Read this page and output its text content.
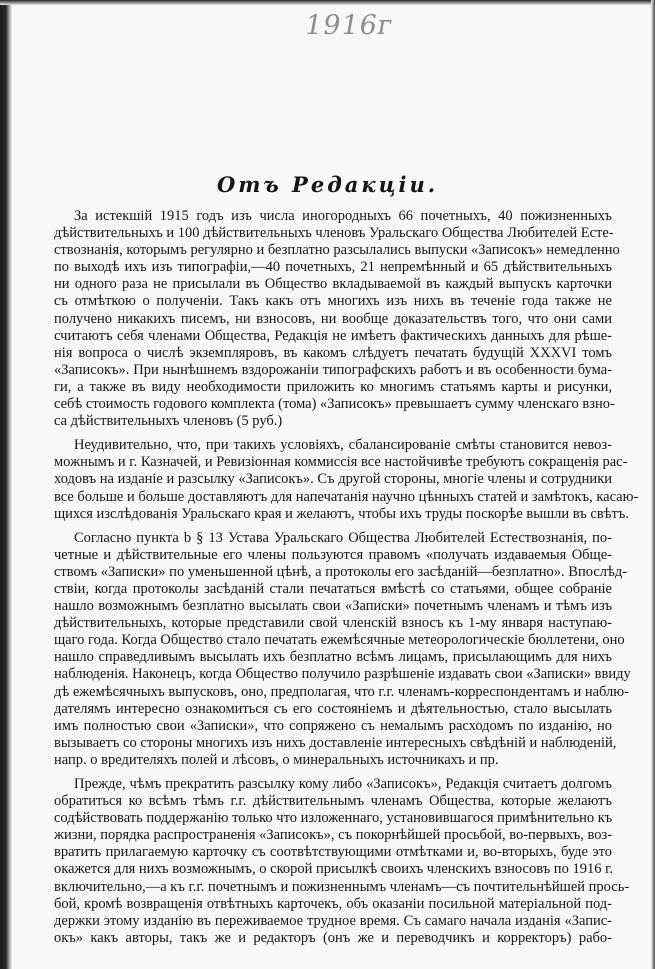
1916г
Отъ Редакціи.
За истекшій 1915 годъ изъ числа иногородныхъ 66 почетныхъ, 40 пожизненныхъ
дѣйствительныхъ и 100 дѣйствительныхъ членовъ Уральскаго Общества Любителей Есте-
ствознанія, которымъ регулярно и безплатно разсылались выпуски «Записокъ» немедленно
по выходѣ ихъ изъ типографіи,—40 почетныхъ, 21 непремѣнный и 65 дѣйствительныхъ
ни одного раза не присылали въ Общество вкладываемой въ каждый выпускъ карточки
съ отмѣткою о полученіи. Такъ какъ отъ многихъ изъ нихъ въ теченіе года также не
получено никакихъ писемъ, ни взносовъ, ни вообще доказательствъ того, что они сами
считаютъ себя членами Общества, Редакція не имѣетъ фактическихъ данныхъ для рѣше-
нія вопроса о числѣ экземпляровъ, въ какомъ слѣдуетъ печатать будущій XXXVI томъ
«Записокъ». При нынѣшнемъ вздорожаніи типографскихъ работъ и въ особенности бума-
ги, а также въ виду необходимости приложить ко многимъ статьямъ карты и рисунки,
себѣ стоимость годового комплекта (тома) «Записокъ» превышаетъ сумму членскаго взно-
са дѣйствительныхъ членовъ (5 руб.)
Неудивительно, что, при такихъ условіяхъ, сбалансированіе смѣты становится невоз-
можнымъ и г. Казначей, и Ревизіонная коммиссія все настойчивѣе требуютъ сокращенія рас-
ходовъ на изданіе и разсылку «Записокъ». Съ другой стороны, многіе члены и сотрудники
все больше и больше доставляютъ для напечатанія научно цѣнныхъ статей и замѣтокъ, касаю-
щихся изслѣдованія Уральскаго края и желаютъ, чтобы ихъ труды поскорѣе вышли въ свѣтъ.
Согласно пункта b § 13 Устава Уральскаго Общества Любителей Естествознанія, по-
четные и дѣйствительные его члены пользуются правомъ «получать издаваемыя Обще-
ствомъ «Записки» по уменьшенной цѣнѣ, а протоколы его засѣданій—безплатно». Впослѣд-
ствіи, когда протоколы засѣданій стали печататься вмѣстѣ со статьями, общее собраніе
нашло возможнымъ безплатно высылать свои «Записки» почетнымъ членамъ и тѣмъ изъ
дѣйствительныхъ, которые представили свой членскій взносъ къ 1-му января наступаю-
щаго года. Когда Общество стало печатать ежемѣсячные метеорологическіе бюллетени, оно
нашло справедливымъ высылать ихъ безплатно всѣмъ лицамъ, присылающимъ для нихъ
наблюденія. Наконецъ, когда Общество получило разрѣшеніе издавать свои «Записки» ввиду
дѣ ежемѣсячныхъ выпусковъ, оно, предполагая, что г.г. членамъ-корреспондентамъ и наблю-
дателямъ интересно ознакомиться съ его состояніемъ и дѣятельностью, стало высылать
имъ полностью свои «Записки», что сопряжено съ немалымъ расходомъ по изданію, но
вызываетъ со стороны многихъ изъ нихъ доставленіе интересныхъ свѣдѣній и наблюденій,
напр. о вредителяхъ полей и лѣсовъ, о минеральныхъ источникахъ и пр.
Прежде, чѣмъ прекратить разсылку кому либо «Записокъ», Редакція считаетъ долгомъ
обратиться ко всѣмъ тѣмъ г.г. дѣйствительнымъ членамъ Общества, которые желаютъ
содѣйствовать поддержанію только что изложеннаго, установившагося примѣнительно къ
жизни, порядка распространенія «Записокъ», съ покорнѣйшей просьбой, во-первыхъ, воз-
вратить прилагаемую карточку съ соотвѣтствующими отмѣтками и, во-вторыхъ, буде это
окажется для нихъ возможнымъ, о скорой присылкѣ своихъ членскихъ взносовъ по 1916 г.
включительно,—а къ г.г. почетнымъ и пожизненнымъ членамъ—съ почтительнѣйшей прось-
бой, кромѣ возвращенія отвѣтныхъ карточекъ, объ оказаніи посильной матеріальной под-
держки этому изданію въ переживаемое трудное время. Съ самаго начала изданія «Запис-
окъ» какъ авторы, такъ же и редакторъ (онъ же и переводчикъ и корректоръ) рабо-
